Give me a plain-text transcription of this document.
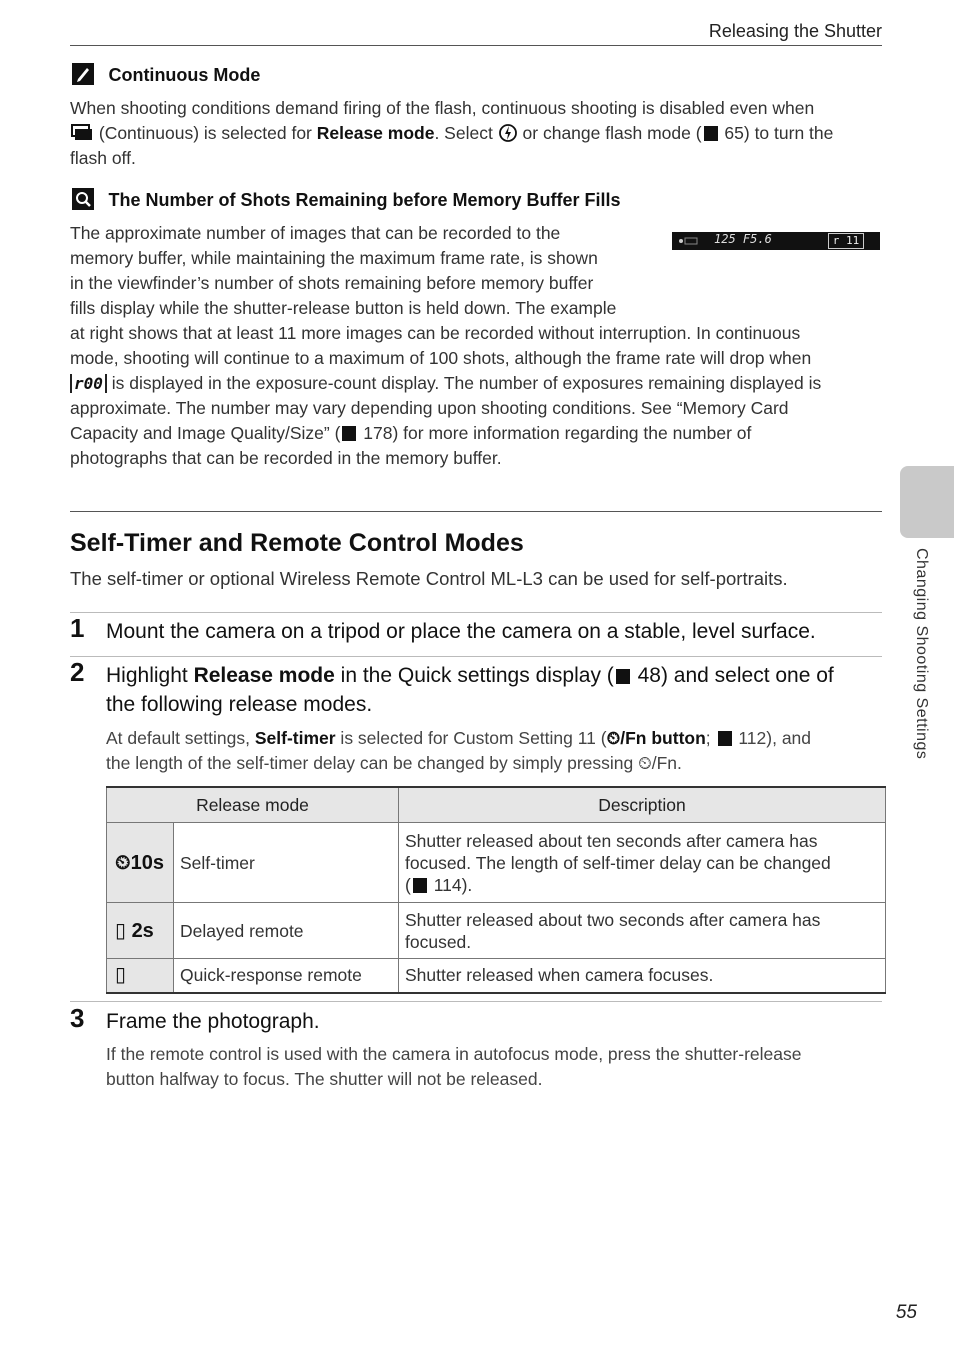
Releasing the Shutter
Continuous Mode
When shooting conditions demand firing of the flash, continuous shooting is disabled even when
(Continuous) is selected for Release mode. Select  or change flash mode ( 65) to turn the
flash off.
The Number of Shots Remaining before Memory Buffer Fills
125 F5.6	r 11
The approximate number of images that can be recorded to the
memory buffer, while maintaining the maximum frame rate, is shown
in the viewfinder’s number of shots remaining before memory buffer
fills display while the shutter-release button is held down. The example
at right shows that at least 11 more images can be recorded without interruption. In continuous
mode, shooting will continue to a maximum of 100 shots, although the frame rate will drop when
r00 is displayed in the exposure-count display. The number of exposures remaining displayed is
approximate. The number may vary depending upon shooting conditions. See “Memory Card
Capacity and Image Quality/Size” ( 178) for more information regarding the number of
photographs that can be recorded in the memory buffer.
Self-Timer and Remote Control Modes
The self-timer or optional Wireless Remote Control ML-L3 can be used for self-portraits.
1 Mount the camera on a tripod or place the camera on a stable, level surface.
2 Highlight Release mode in the Quick settings display ( 48) and select one of
the following release modes.
At default settings, Self-timer is selected for Custom Setting 11 (⏲/Fn button;  112), and
the length of the self-timer delay can be changed by simply pressing ⏲/Fn.
Release mode		Description
⏲10s	Self-timer	Shutter released about ten seconds after camera has
focused. The length of self-timer delay can be changed
( 114).

▯ 2s	Delayed remote	Shutter released about two seconds after camera has
focused.

▯	Quick-response remote	Shutter released when camera focuses.
3 Frame the photograph.
If the remote control is used with the camera in autofocus mode, press the shutter-release
button halfway to focus. The shutter will not be released.
Changing Shooting Settings
55
